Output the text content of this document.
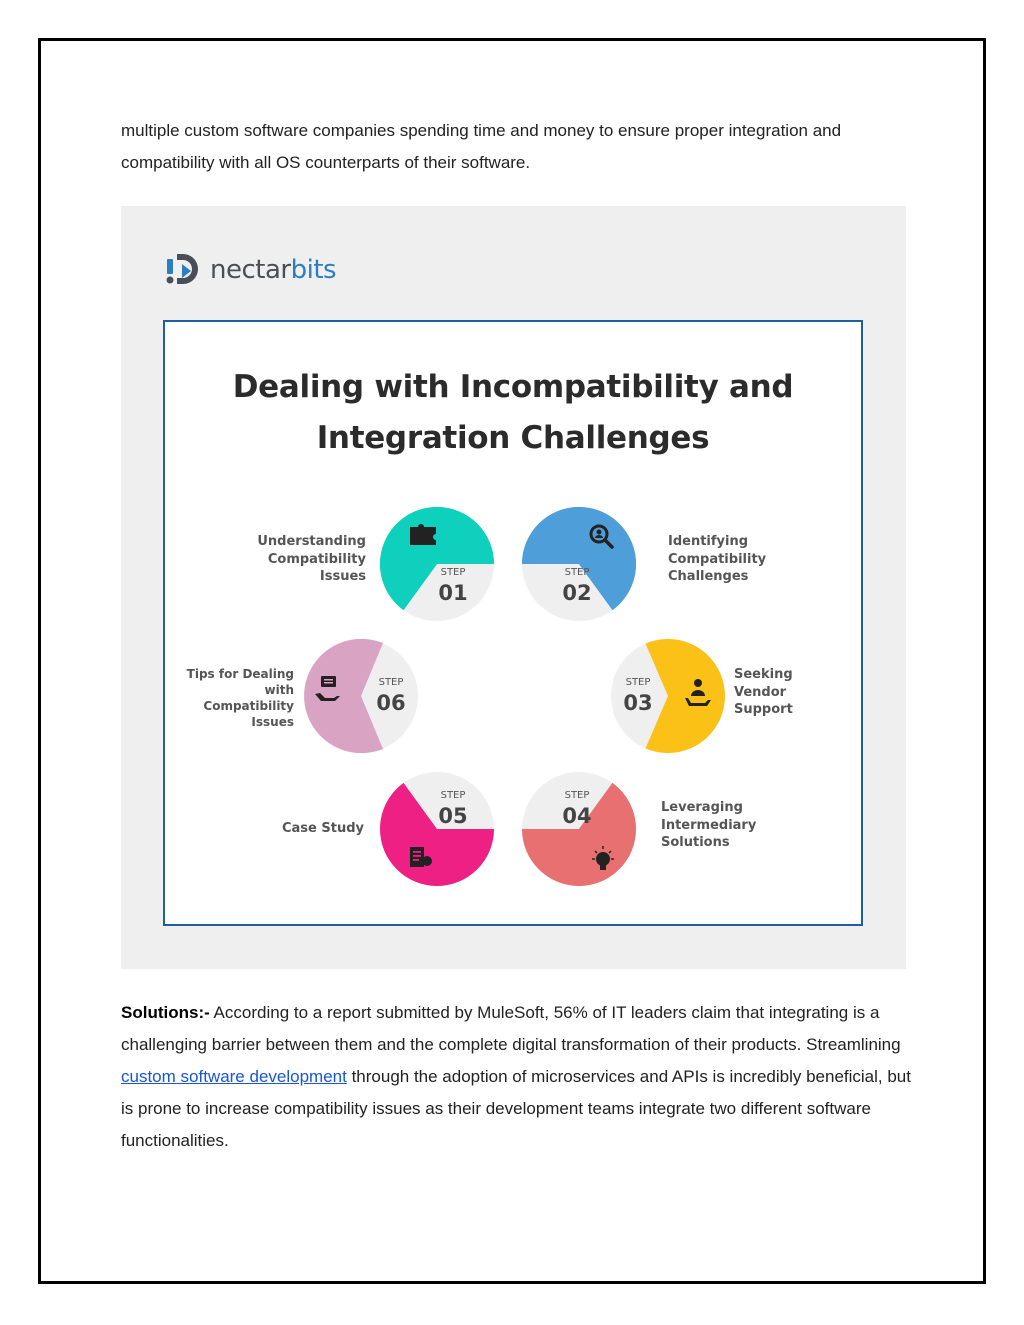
multiple custom software companies spending time and money to ensure proper integration and compatibility with all OS counterparts of their software.

nectarbits

Dealing with Incompatibility and
Integration Challenges

STEP
01
STEP
02
STEP
03
STEP
04
STEP
05
STEP
06
Understanding
Compatibility
Issues
Identifying
Compatibility
Challenges
Seeking
Vendor
Support
Leveraging
Intermediary
Solutions
Case Study
Tips for Dealing
with
Compatibility
Issues

Solutions:- According to a report submitted by MuleSoft, 56% of IT leaders claim that integrating is a challenging barrier between them and the complete digital transformation of their products. Streamlining custom software development through the adoption of microservices and APIs is incredibly beneficial, but is prone to increase compatibility issues as their development teams integrate two different software functionalities.
